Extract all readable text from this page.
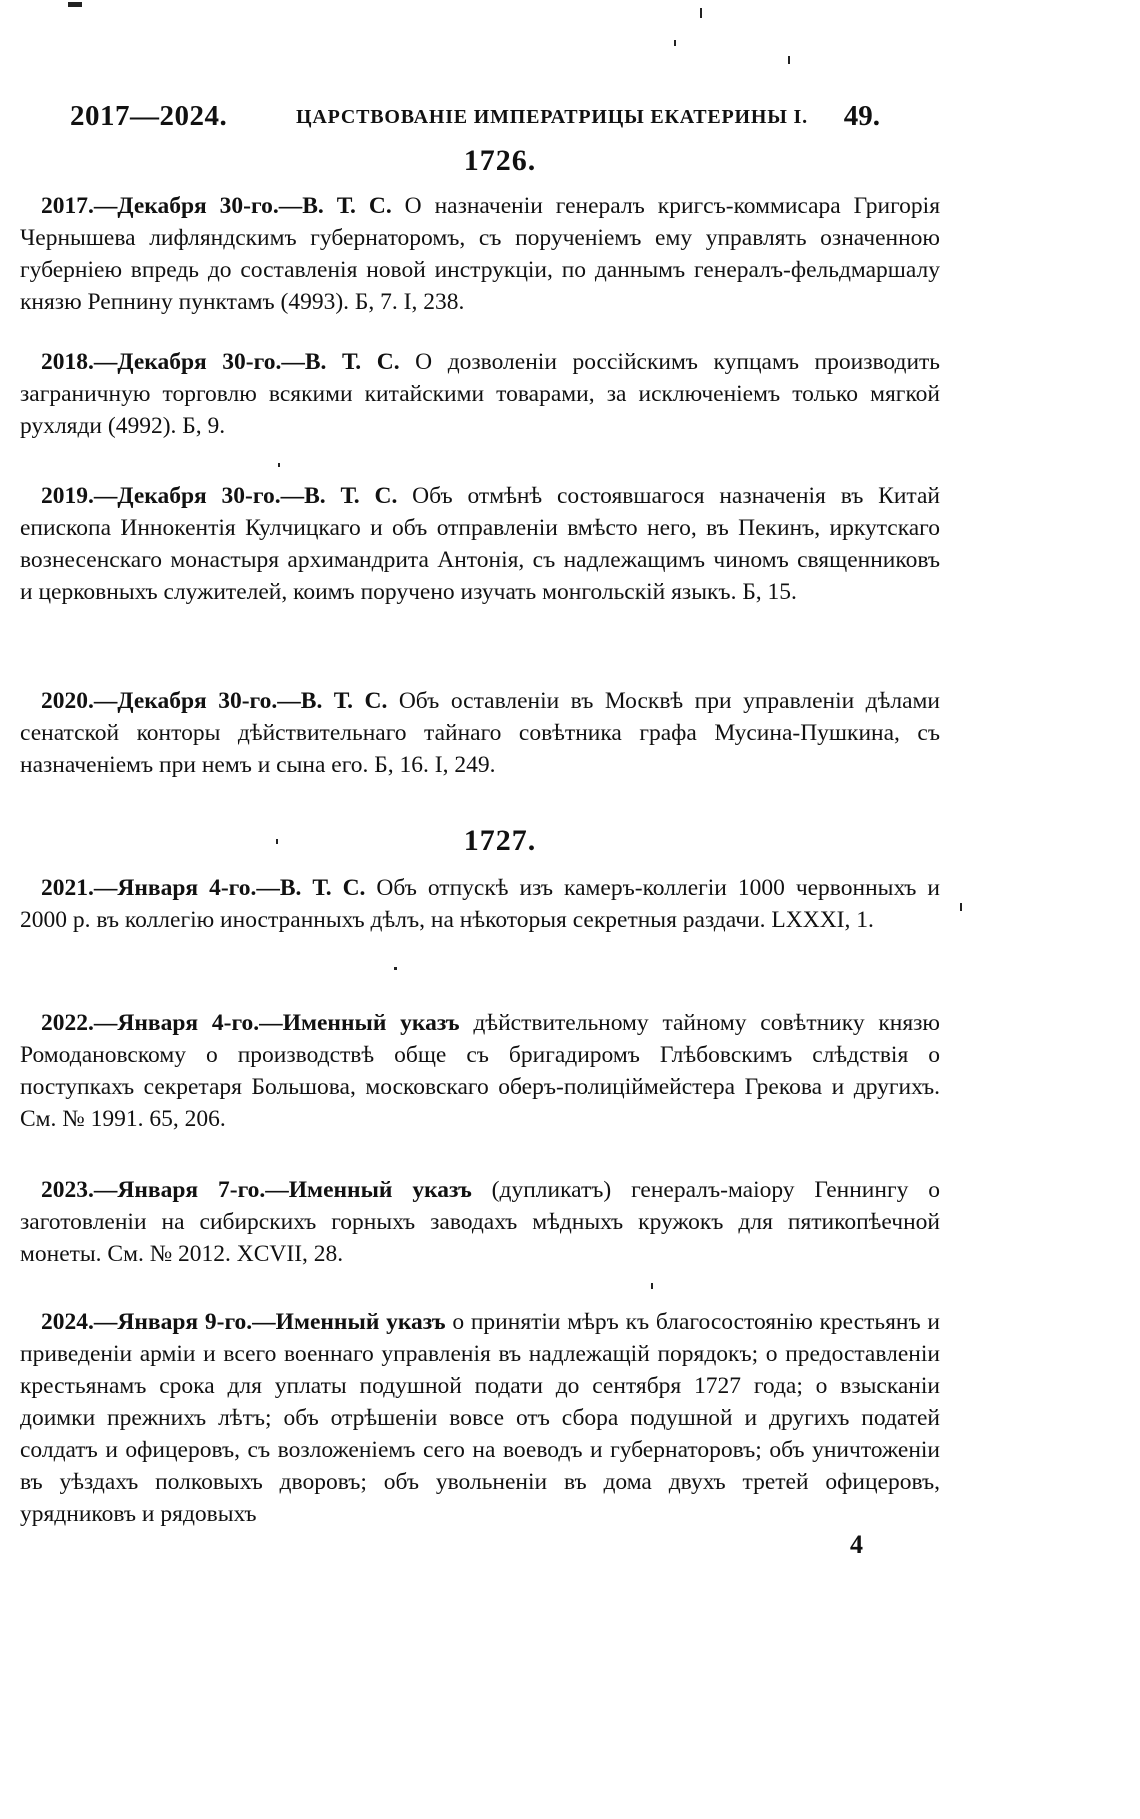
2017—2024.	ЦАРСТВОВАНІЕ ИМПЕРАТРИЦЫ ЕКАТЕРИНЫ I. 49.
1726.

2017.—Декабря 30-го.—В. Т. С. О назначеніи генералъ кригсъ-коммисара Григорія Чернышева лифляндскимъ губернаторомъ, съ порученіемъ ему управлять означенною губерніею впредь до составленія новой инструкціи, по даннымъ генералъ-фельдмаршалу князю Репнину пунктамъ (4993). Б, 7. I, 238.

2018.—Декабря 30-го.—В. Т. С. О дозволеніи россійскимъ купцамъ производить заграничную торговлю всякими китайскими товарами, за исключеніемъ только мягкой рухляди (4992). Б, 9.

2019.—Декабря 30-го.—В. Т. С. Объ отмѣнѣ состоявшагося назначенія въ Китай епископа Иннокентія Кулчицкаго и объ отправленіи вмѣсто него, въ Пекинъ, иркутскаго вознесенскаго монастыря архимандрита Антонія, съ надлежащимъ чиномъ священниковъ и церковныхъ служителей, коимъ поручено изучать монгольскій языкъ. Б, 15.

2020.—Декабря 30-го.—В. Т. С. Объ оставленіи въ Москвѣ при управленіи дѣлами сенатской конторы дѣйствительнаго тайнаго совѣтника графа Мусина-Пушкина, съ назначеніемъ при немъ и сына его. Б, 16. I, 249.

1727.

2021.—Января 4-го.—В. Т. С. Объ отпускѣ изъ камеръ-коллегіи 1000 червонныхъ и 2000 р. въ коллегію иностранныхъ дѣлъ, на нѣкоторыя секретныя раздачи. LXXXI, 1.

2022.—Января 4-го.—Именный указъ дѣйствительному тайному совѣтнику князю Ромодановскому о производствѣ обще съ бригадиромъ Глѣбовскимъ слѣдствія о поступкахъ секретаря Большова, московскаго оберъ-полицiймейстера Грекова и другихъ. См. № 1991. 65, 206.

2023.—Января 7-го.—Именный указъ (дупликатъ) генералъ-маіору Геннингу о заготовленіи на сибирскихъ горныхъ заводахъ мѣдныхъ кружокъ для пятикопѣечной монеты. См. № 2012. XCVII, 28.

2024.—Января 9-го.—Именный указъ о принятіи мѣръ къ благосостоянію крестьянъ и приведеніи арміи и всего военнаго управленія въ надлежащій порядокъ; о предоставленіи крестьянамъ срока для уплаты подушной подати до сентября 1727 года; о взысканіи доимки прежнихъ лѣтъ; объ отрѣшеніи вовсе отъ сбора подушной и другихъ податей солдатъ и офицеровъ, съ возложеніемъ сего на воеводъ и губернаторовъ; объ уничтоженіи въ уѣздахъ полковыхъ дворовъ; объ увольненіи въ дома двухъ третей офицеровъ, урядниковъ и рядовыхъ

4
